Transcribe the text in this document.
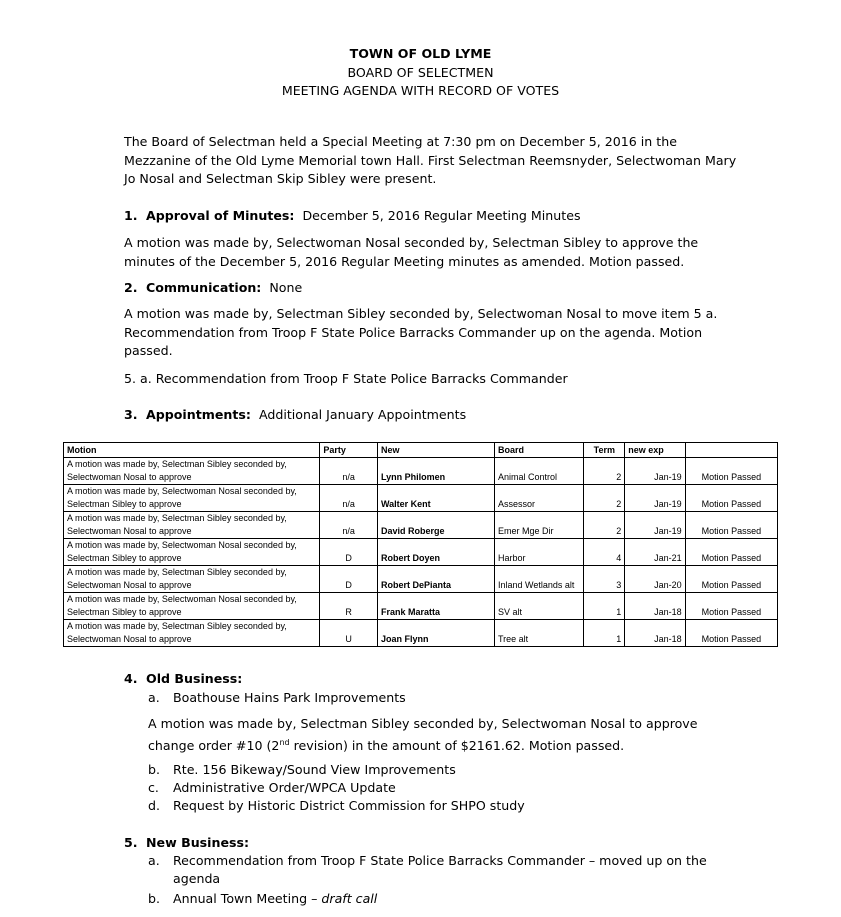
TOWN OF OLD LYME
BOARD OF SELECTMEN
MEETING AGENDA WITH RECORD OF VOTES
The Board of Selectman held a Special Meeting at 7:30 pm on December 5, 2016 in the Mezzanine of the Old Lyme Memorial town Hall. First Selectman Reemsnyder, Selectwoman Mary Jo Nosal and Selectman Skip Sibley were present.
1. Approval of Minutes: December 5, 2016 Regular Meeting Minutes
A motion was made by, Selectwoman Nosal seconded by, Selectman Sibley to approve the minutes of the December 5, 2016 Regular Meeting minutes as amended. Motion passed.
2. Communication: None
A motion was made by, Selectman Sibley seconded by, Selectwoman Nosal to move item 5 a. Recommendation from Troop F State Police Barracks Commander up on the agenda. Motion passed.
5. a. Recommendation from Troop F State Police Barracks Commander
3. Appointments: Additional January Appointments
Motion	Party	New	Board	Term	new exp	
A motion was made by, Selectman Sibley seconded by, Selectwoman Nosal to approve	n/a	Lynn Philomen	Animal Control	2	Jan-19	Motion Passed
A motion was made by, Selectwoman Nosal seconded by, Selectman Sibley to approve	n/a	Walter Kent	Assessor	2	Jan-19	Motion Passed
A motion was made by, Selectman Sibley seconded by, Selectwoman Nosal to approve	n/a	David Roberge	Emer Mge Dir	2	Jan-19	Motion Passed
A motion was made by, Selectwoman Nosal seconded by, Selectman Sibley to approve	D	Robert Doyen	Harbor	4	Jan-21	Motion Passed
A motion was made by, Selectman Sibley seconded by, Selectwoman Nosal to approve	D	Robert DePianta	Inland Wetlands alt	3	Jan-20	Motion Passed
A motion was made by, Selectwoman Nosal seconded by, Selectman Sibley to approve	R	Frank Maratta	SV alt	1	Jan-18	Motion Passed
A motion was made by, Selectman Sibley seconded by, Selectwoman Nosal to approve	U	Joan Flynn	Tree alt	1	Jan-18	Motion Passed
4. Old Business:
a. Boathouse Hains Park Improvements
A motion was made by, Selectman Sibley seconded by, Selectwoman Nosal to approve change order #10 (2nd revision) in the amount of $2161.62. Motion passed.
b. Rte. 156 Bikeway/Sound View Improvements
c. Administrative Order/WPCA Update
d. Request by Historic District Commission for SHPO study
5. New Business:
a.	Recommendation from Troop F State Police Barracks Commander – moved up on the agenda
b. Annual Town Meeting – draft call
